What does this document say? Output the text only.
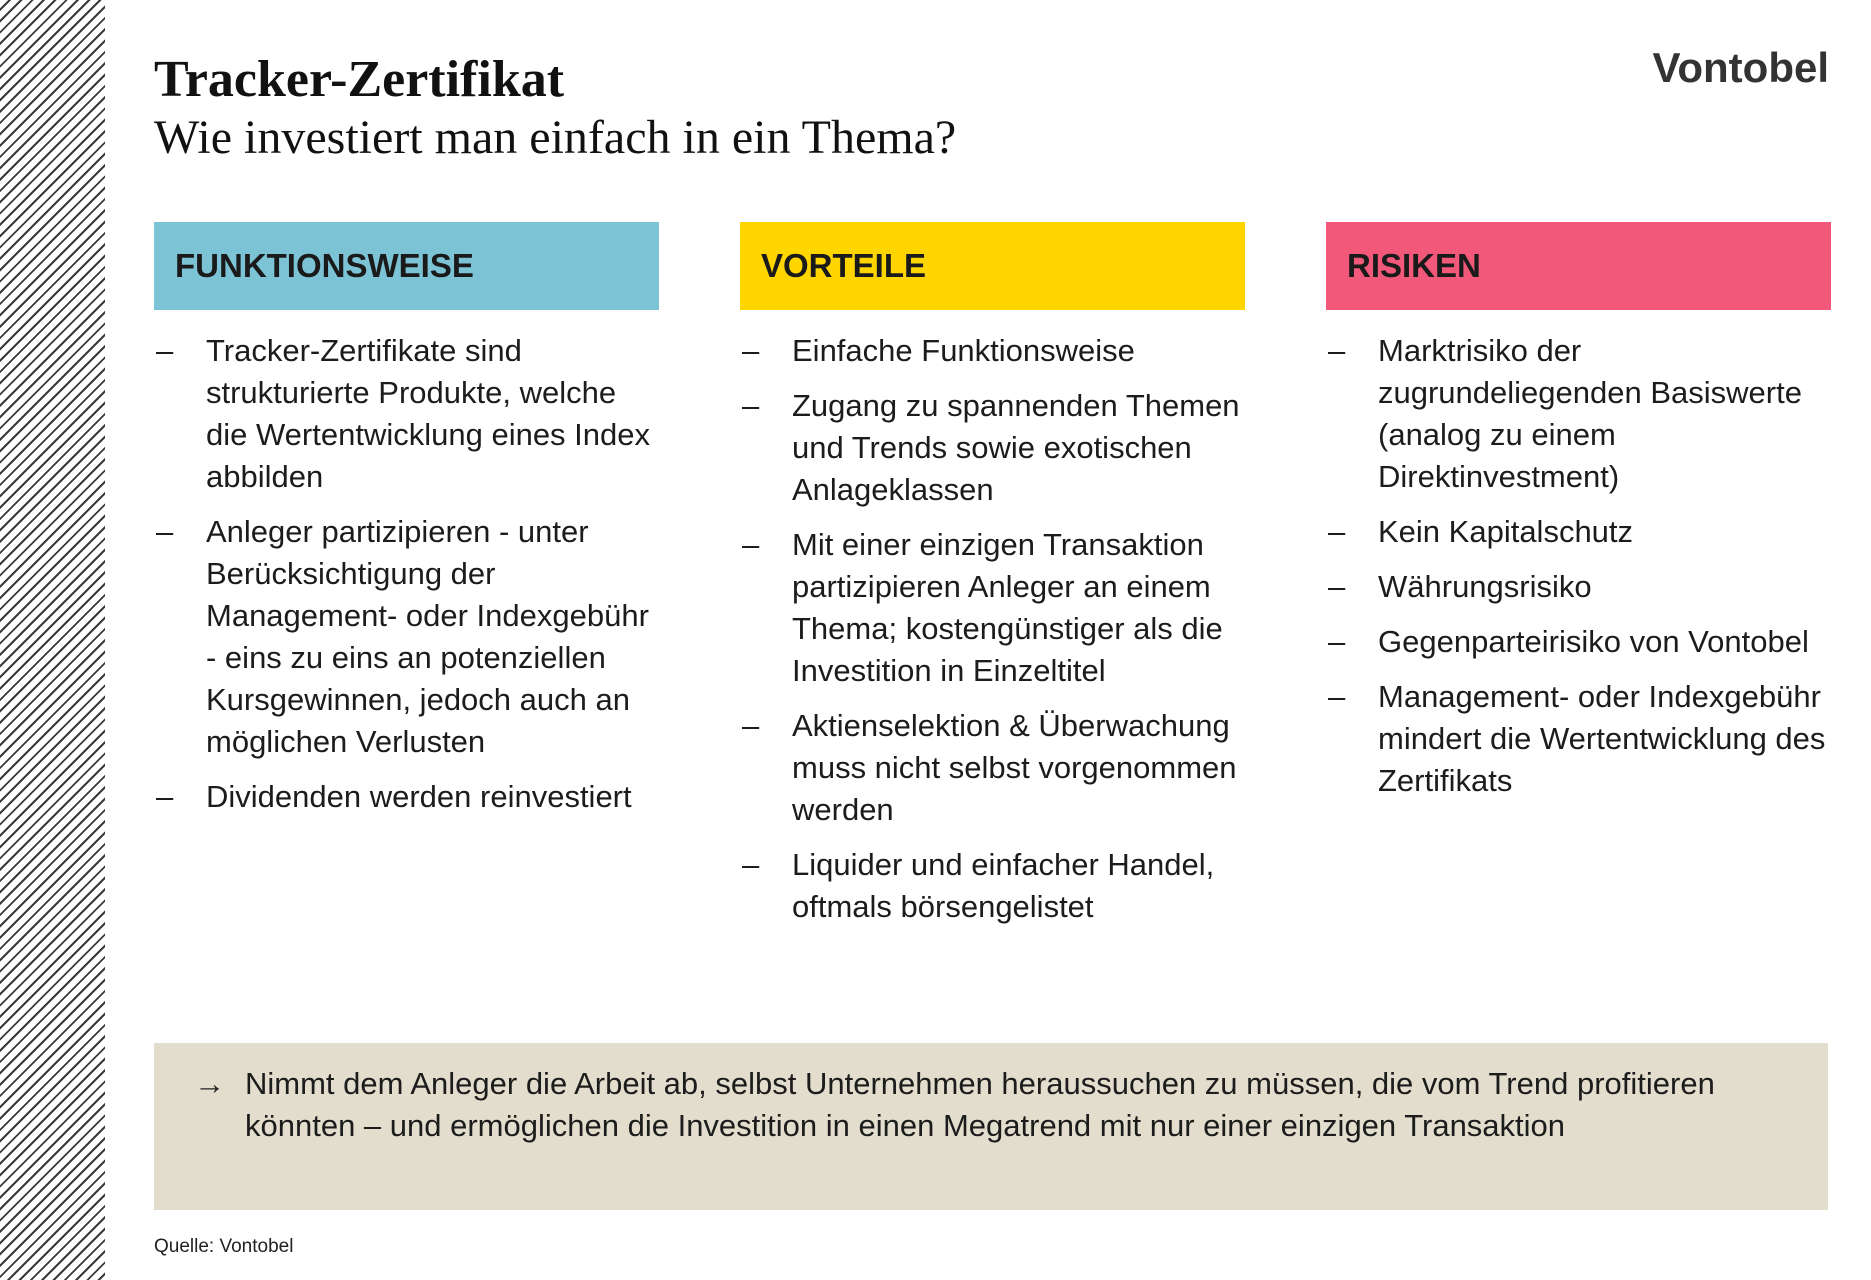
Tracker-Zertifikat
Wie investiert man einfach in ein Thema?
Vontobel
FUNKTIONSWEISE
–	Tracker-Zertifikate sind strukturierte Produkte, welche die Wertentwicklung eines Index abbilden
–	Anleger partizipieren - unter Berücksichtigung der Management- oder Indexgebühr - eins zu eins an potenziellen Kursgewinnen, jedoch auch an möglichen Verlusten
–	Dividenden werden reinvestiert
VORTEILE
–	Einfache Funktionsweise
–	Zugang zu spannenden Themen und Trends sowie exotischen Anlageklassen
–	Mit einer einzigen Transaktion partizipieren Anleger an einem Thema; kostengünstiger als die Investition in Einzeltitel
–	Aktienselektion & Überwachung muss nicht selbst vorgenommen werden
–	Liquider und einfacher Handel, oftmals börsengelistet
RISIKEN
–	Marktrisiko der zugrundeliegenden Basiswerte (analog zu einem Direktinvestment)
–	Kein Kapitalschutz
–	Währungsrisiko
–	Gegenparteirisiko von Vontobel
–	Management- oder Indexgebühr mindert die Wertentwicklung des Zertifikats
→ Nimmt dem Anleger die Arbeit ab, selbst Unternehmen heraussuchen zu müssen, die vom Trend profitieren könnten – und ermöglichen die Investition in einen Megatrend mit nur einer einzigen Transaktion
Quelle: Vontobel
